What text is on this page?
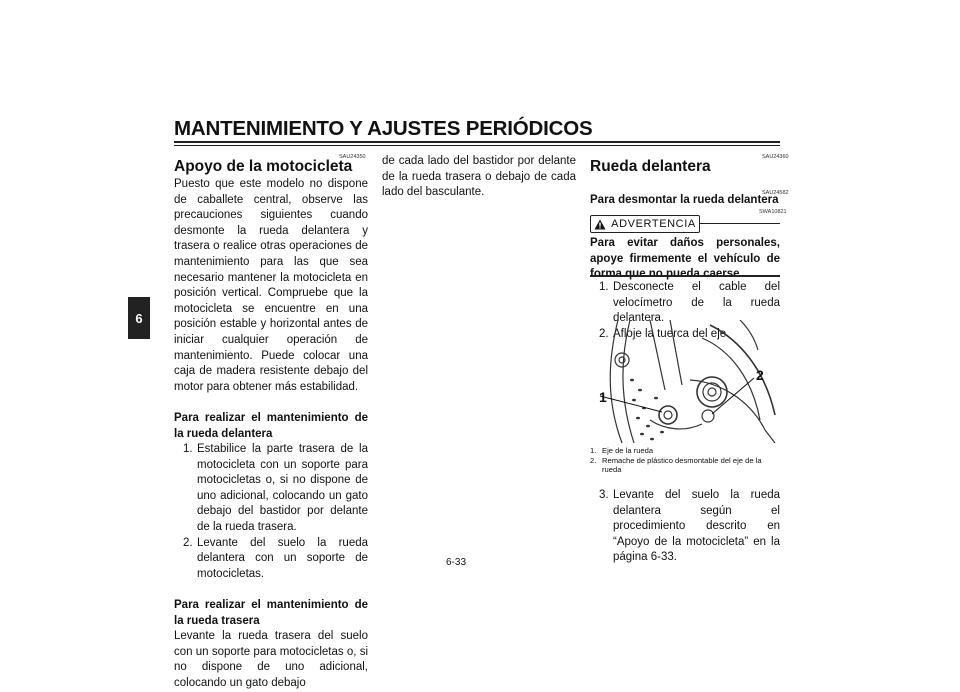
MANTENIMIENTO Y AJUSTES PERIÓDICOS
6
SAU24350
Apoyo de la motocicleta

Puesto que este modelo no dispone de caballete central, observe las precauciones siguientes cuando desmonte la rueda delantera y trasera o realice otras operaciones de mantenimiento para las que sea necesario mantener la motocicleta en posición vertical. Compruebe que la motocicleta se encuentre en una posición estable y horizontal antes de iniciar cualquier operación de mantenimiento. Puede colocar una caja de madera resistente debajo del motor para obtener más estabilidad.

Para realizar el mantenimiento de la rueda delantera

1. Estabilice la parte trasera de la motocicleta con un soporte para motocicletas o, si no dispone de uno adicional, colocando un gato debajo del bastidor por delante de la rueda trasera.
2. Levante del suelo la rueda delantera con un soporte de motocicletas.

Para realizar el mantenimiento de la rueda trasera

Levante la rueda trasera del suelo con un soporte para motocicletas o, si no dispone de uno adicional, colocando un gato debajo

de cada lado del bastidor por delante de la rueda trasera o debajo de cada lado del basculante.

SAU24360
Rueda delantera
SAU24582
Para desmontar la rueda delantera
SWA10821
ADVERTENCIA
Para evitar daños personales, apoye firmemente el vehículo de
1. Desconecte el cable del velocímetro de la rueda delantera.
2. Afloje la tuerca del eje.
1
2
1. Eje de la rueda
2. Remache de plástico desmontable del eje de la rueda
3. Levante del suelo la rueda delantera según el procedimiento descrito en “Apoyo de la motocicleta” en la página 6-33.
6-33
